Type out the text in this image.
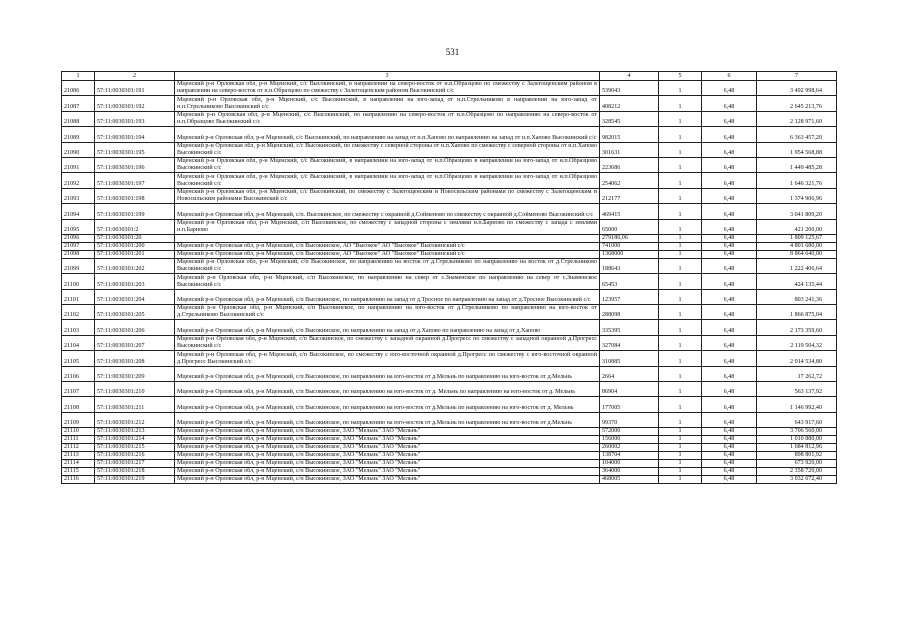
531
1	2	3	4	5	6	7
21086	57:11:0030301:191	Мценский р-н Орловская обл, р-н Мценский, с/с Высокинский, в направлении на северо-восток от н.п.Образцово по смежеству с Залегощенским районом в направлении на северо-восток от н.п.Образцово по смежеству с Залегощенским районом Высокинский с/с	539043	1	6,48	3 492 998,64
21087	57:11:0030301:192	Мценский р-н Орловская обл, р-н Мценский, с/с Высокинский, в направлении на юго-запад от н.п.Стрельниково в направлении на юго-запад от н.п.Стрельниково Высокинский с/с	408212	1	6,48	2 645 213,76
21088	57:11:0030301:193	Мценский р-н Орловская обл, р-н Мценский, с/с Высокинский, по направлению на северо-восток от н.п.Образцово по направлению на северо-восток от н.п.Образцово Высокинский с/с	328545	1	6,48	2 128 971,60
21089	57:11:0030301:194	Мценский р-н Орловская обл, р-н Мценский, с/с Высокинский, по направлению на запад от н.п.Хапово по направлению на запад от н.п.Хапово Высокинский с/с	982015	1	6,48	6 363 457,20
21090	57:11:0030301:195	Мценский р-н Орловская обл, р-н Мценский, с/с Высокинский, по смежеству с северной стороны от н.п.Хапово по смежеству с северной стороны от н.п.Хапово Высокинский с/с	301631	1	6,48	1 954 568,88
21091	57:11:0030301:196	Мценский р-н Орловская обл, р-н Мценский, с/с Высокинский, в направлении на юго-запад от н.п.Образцово в направлении на юго-запад от н.п.Образцово Высокинский с/с	223686	1	6,48	1 449 485,28
21092	57:11:0030301:197	Мценский р-н Орловская обл, р-н Мценский, с/с Высокинский, в направлении на юго-запад от н.п.Образцово в направлении на юго-запад от н.п.Образцово Высокинский с/с	254062	1	6,48	1 646 321,76
21093	57:11:0030301:198	Мценский р-н Орловская обл, р-н Мценский, с/с Высокинский, по смежеству с Залегощенским и Новосильским районами по смежеству с Залегощенским и Новосильским районами Высокинский с/с	212177	1	6,48	1 374 906,96
21094	57:11:0030301:199	Мценский р-н Орловская обл, р-н Мценский, с/п. Высокинское, по смежеству с окраиной д.Сойменово по смежеству с окраиной д.Сойменово Высокинский с/с	469415	1	6,48	3 041 809,20
21095	57:11:0030301:2	Мценский р-н Орловская обл, р-н Мценский, с/п Высокинское, по смежеству с западной стороны с землями н.п.Барново по смежеству с запада с землями н.п.Барново	65000	1	6,48	421 200,00
21096	57:11:0030301:20		279186,06	1	6,48	1 809 125,67
21097	57:11:0030301:200	Мценский р-н Орловская обл, р-н Мценский, с/п Высокинское, АО "Высокое" АО "Высокое" Высокинский с/с	741000	1	6,48	4 801 680,00
21098	57:11:0030301:201	Мценский р-н Орловская обл, р-н Мценский, с/п Высокинское, АО "Высокое" АО "Высокое" Высокинский с/с	1368000	1	6,48	8 864 640,00
21099	57:11:0030301:202	Мценский р-н Орловская обл, р-н Мценский, с/п Высокинское, по направлению на восток от д.Стрельниково по направлению на восток от д.Стрельниково Высокинский с/с	188643	1	6,48	1 222 406,64
21100	57:11:0030301:203	Мценский р-н Орловская обл, р-н Мценский, с/п Высокинское, по направлению на север от с.Знаменское по направлению на север от с.Знаменское Высокинский с/с	65453	1	6,48	424 135,44
21101	57:11:0030301:204	Мценский р-н Орловская обл, р-н Мценский, с/п Высокинское, по направлению на запад от д.Тросное по направлению на запад от д.Тросное Высокинский с/с	123957	1	6,48	803 241,36
21102	57:11:0030301:205	Мценский р-н Орловская обл, р-н Мценский, с/п Высокинское, по направлению на юго-восток от д.Стрельниково по направлению на юго-восток от д.Стрельниково Высокинский с/с	288098	1	6,48	1 866 875,04
21103	57:11:0030301:206	Мценский р-н Орловская обл, р-н Мценский, с/п Высокинское, по направлению на запад от д.Хапово по направлению на запад от д.Хапово	335395	1	6,48	2 173 359,60
21104	57:11:0030301:207	Мценский р-н Орловская обл, р-н Мценский, с/п Высокинское, по смежеству с западной окраиной д.Прогресс по смежеству с западной окраиной д.Прогресс Высокинский с/с	327084	1	6,48	2 119 504,32
21105	57:11:0030301:208	Мценский р-н Орловская обл, р-н Мценский, с/п Высокинское, по смежеству с юго-восточной окраиной д.Прогресс по смежеству с юго-восточной окраиной д.Прогресс Высокинский с/с	310885	1	6,48	2 014 534,80
21106	57:11:0030301:209	Мценский р-н Орловская обл, р-н Мценский, с/п Высокинское, по направлению на юго-восток от д.Мельнь по направлению на юго-восток от д.Мельнь	2664	1	6,48	17 262,72
21107	57:11:0030301:210	Мценский р-н Орловская обл, р-н Мценский, с/п Высокинское, по направлению на юго-восток от д. Мельнь по направлению на юго-восток от д. Мельнь	86904	1	6,48	563 137,92
21108	57:11:0030301:211	Мценский р-н Орловская обл, р-н Мценский, с/п Высокинское, по направлению на юго-восток от д.Мельнь по направлению на юго-восток от д. Мельнь	177005	1	6,48	1 146 992,40
21109	57:11:0030301:212	Мценский р-н Орловская обл, р-н Мценский, с/п Высокинское, по направлению на юго-восток от д.Мельнь по направлению на юго-восток от д.Мельнь	99370	1	6,48	643 917,60
21110	57:11:0030301:213	Мценский р-н Орловская обл, р-н Мценский, с/п Высокинское, ЗАО "Мельнь" ЗАО "Мельнь"	572000	1	6,48	3 706 560,00
21111	57:11:0030301:214	Мценский р-н Орловская обл, р-н Мценский, с/п Высокинское, ЗАО "Мельнь" ЗАО "Мельнь"	156000	1	6,48	1 010 880,00
21112	57:11:0030301:215	Мценский р-н Орловская обл, р-н Мценский, с/п Высокинское, ЗАО "Мельнь" ЗАО "Мельнь"	260002	1	6,48	1 684 812,96
21113	57:11:0030301:216	Мценский р-н Орловская обл, р-н Мценский, с/п Высокинское, ЗАО "Мельнь" ЗАО "Мельнь"	138704	1	6,48	898 801,92
21114	57:11:0030301:217	Мценский р-н Орловская обл, р-н Мценский, с/п Высокинское, ЗАО "Мельнь" ЗАО "Мельнь"	104000	1	6,48	673 920,00
21115	57:11:0030301:218	Мценский р-н Орловская обл, р-н Мценский, с/п Высокинское, ЗАО "Мельнь" ЗАО "Мельнь"	364000	1	6,48	2 358 720,00
21116	57:11:0030301:219	Мценский р-н Орловская обл, р-н Мценский, с/п Высокинское, ЗАО "Мельнь" ЗАО "Мельнь"	468005	1	6,48	3 032 672,40
